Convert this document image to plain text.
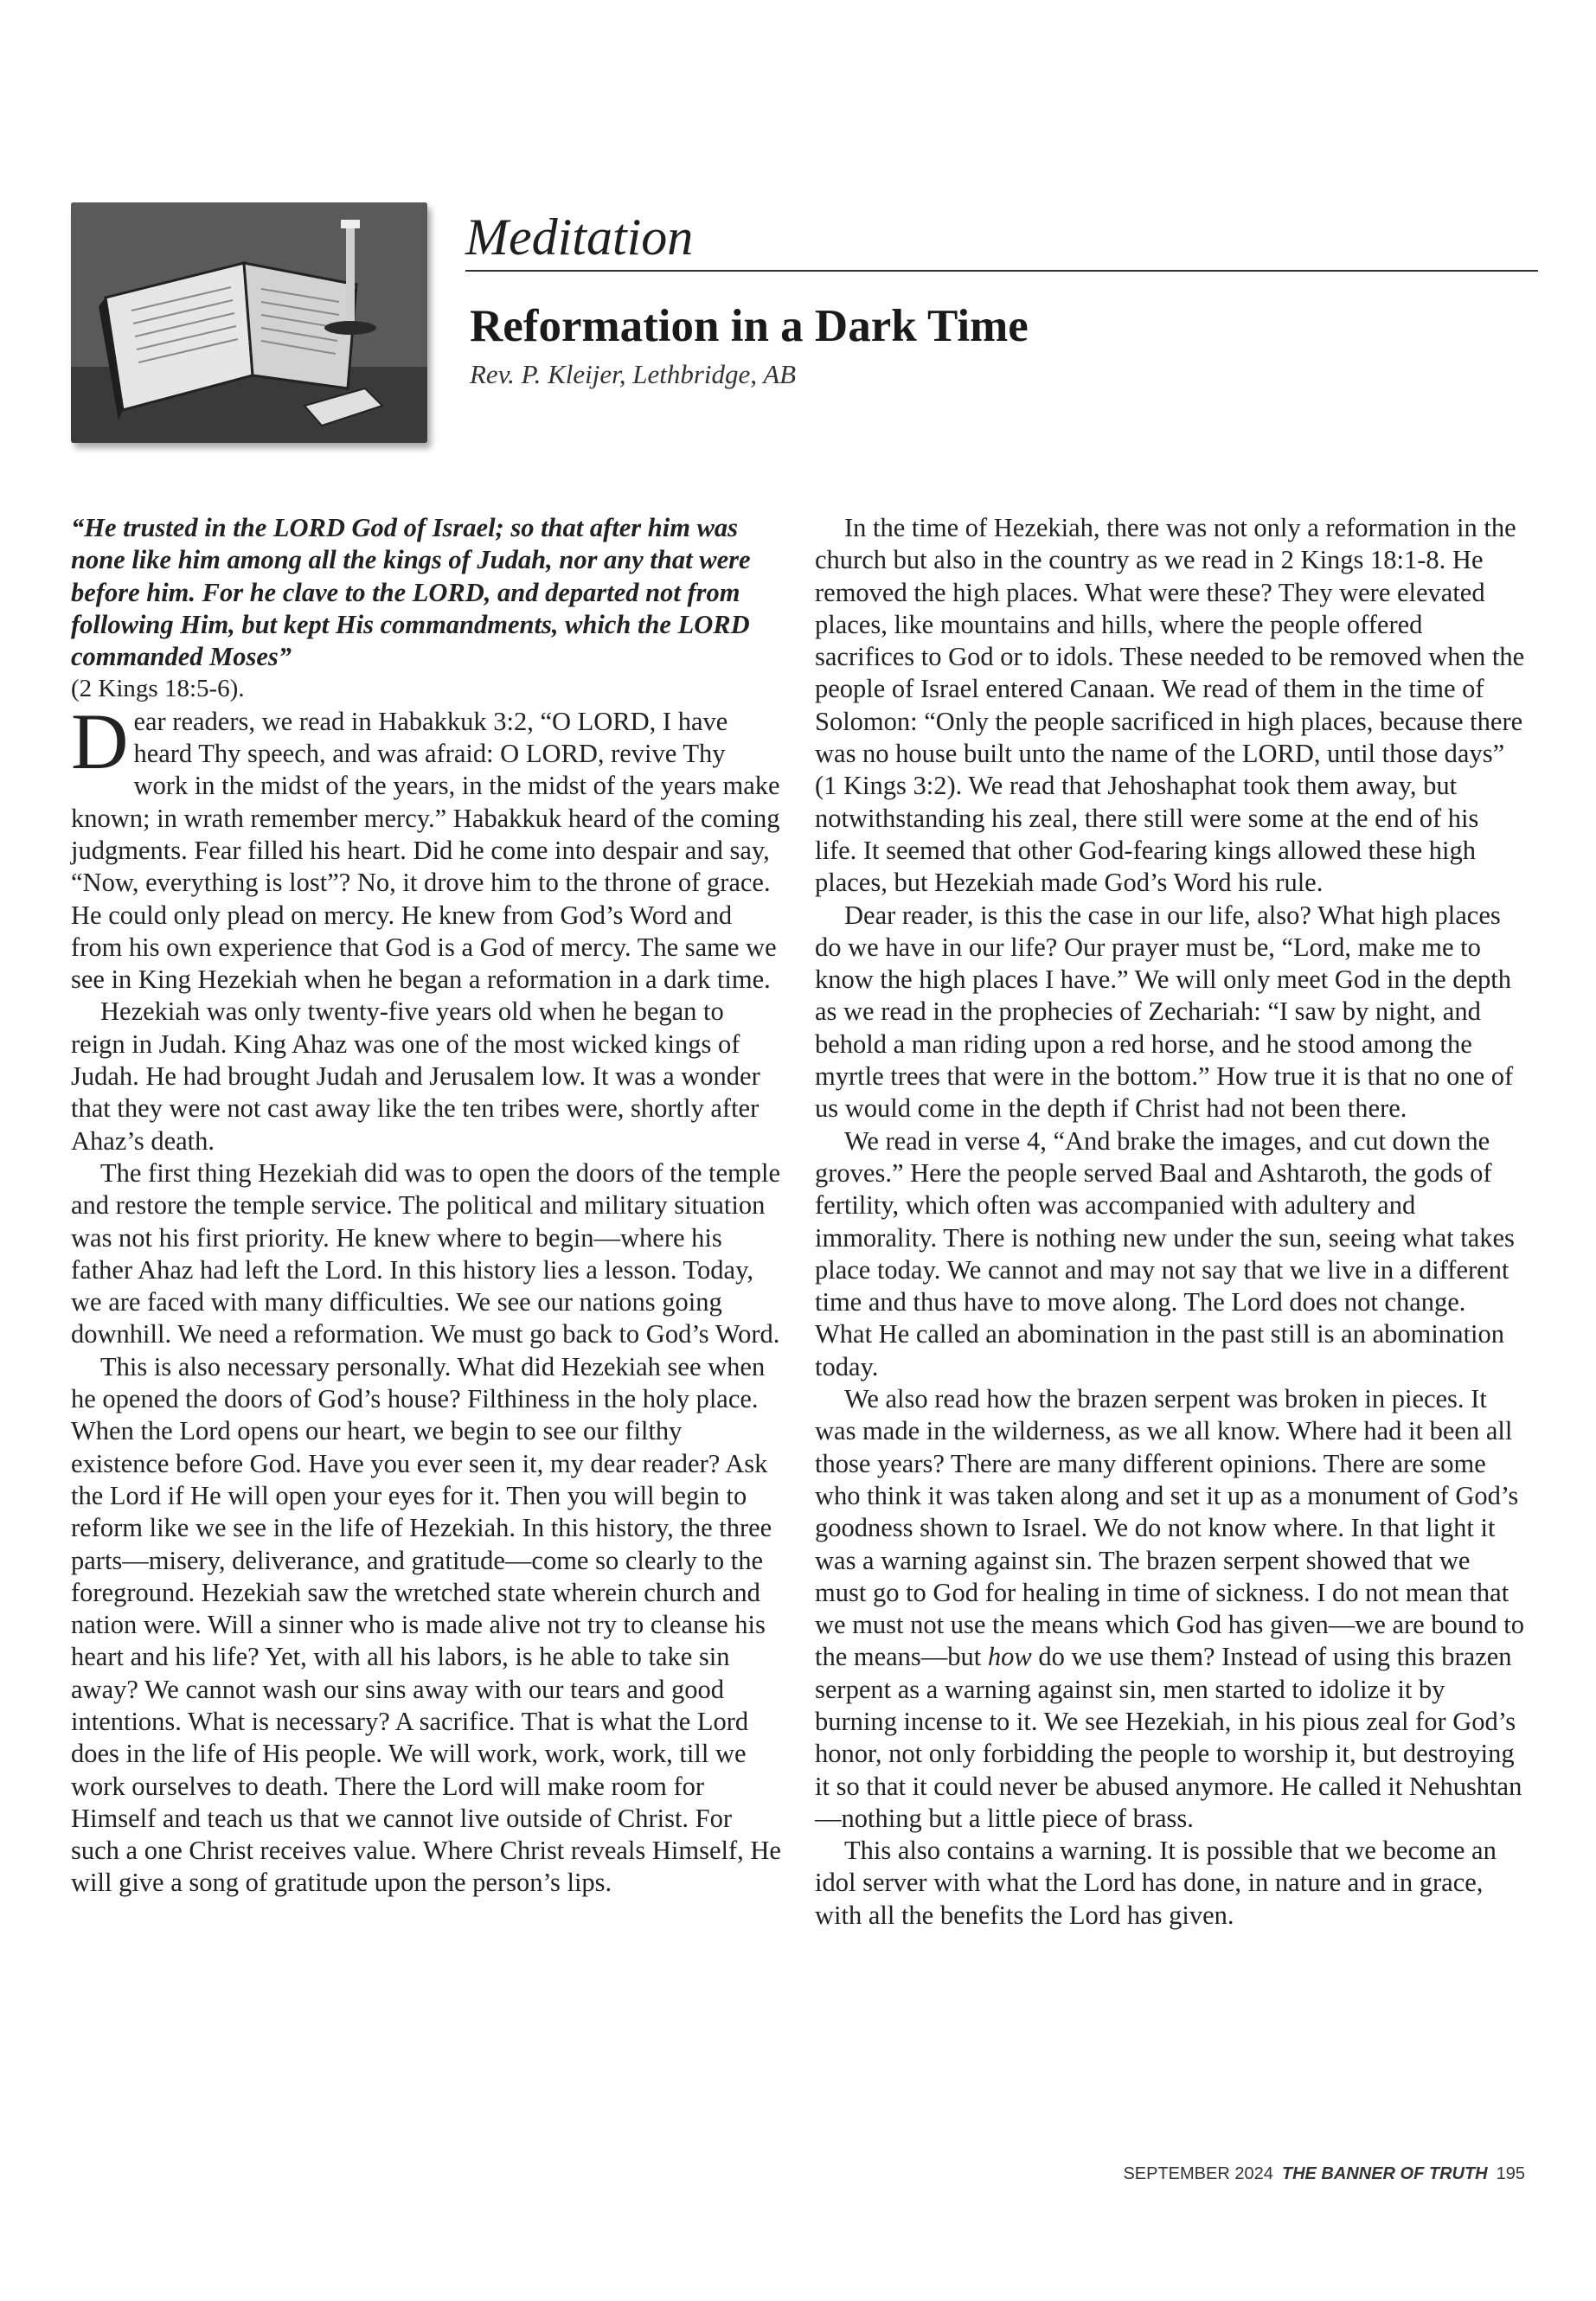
Meditation
Reformation in a Dark Time
Rev. P. Kleijer, Lethbridge, AB

“He trusted in the LORD God of Israel; so that after him was none like him among all the kings of Judah, nor any that were before him. For he clave to the LORD, and departed not from following Him, but kept His commandments, which the LORD commanded Moses”

(2 Kings 18:5-6).

Dear readers, we read in Habakkuk 3:2, “O LORD, I have heard Thy speech, and was afraid: O LORD, revive Thy work in the midst of the years, in the midst of the years make known; in wrath remember mercy.” Habakkuk heard of the coming judgments. Fear filled his heart. Did he come into despair and say, “Now, everything is lost”? No, it drove him to the throne of grace. He could only plead on mercy. He knew from God’s Word and from his own experience that God is a God of mercy. The same we see in King Hezekiah when he began a reformation in a dark time.

Hezekiah was only twenty-five years old when he began to reign in Judah. King Ahaz was one of the most wicked kings of Judah. He had brought Judah and Jerusalem low. It was a wonder that they were not cast away like the ten tribes were, shortly after Ahaz’s death.

The first thing Hezekiah did was to open the doors of the temple and restore the temple service. The political and military situation was not his first priority. He knew where to begin—where his father Ahaz had left the Lord. In this history lies a lesson. Today, we are faced with many difficulties. We see our nations going downhill. We need a reformation. We must go back to God’s Word.

This is also necessary personally. What did Hezekiah see when he opened the doors of God’s house? Filthiness in the holy place. When the Lord opens our heart, we begin to see our filthy existence before God. Have you ever seen it, my dear reader? Ask the Lord if He will open your eyes for it. Then you will begin to reform like we see in the life of Hezekiah. In this history, the three parts—misery, deliverance, and gratitude—come so clearly to the foreground. Hezekiah saw the wretched state wherein church and nation were. Will a sinner who is made alive not try to cleanse his heart and his life? Yet, with all his labors, is he able to take sin away? We cannot wash our sins away with our tears and good intentions. What is necessary? A sacrifice. That is what the Lord does in the life of His people. We will work, work, work, till we work ourselves to death. There the Lord will make room for Himself and teach us that we cannot live outside of Christ. For such a one Christ receives value. Where Christ reveals Himself, He will give a song of gratitude upon the person’s lips.

In the time of Hezekiah, there was not only a reformation in the church but also in the country as we read in 2 Kings 18:1-8. He removed the high places. What were these? They were elevated places, like mountains and hills, where the people offered sacrifices to God or to idols. These needed to be removed when the people of Israel entered Canaan. We read of them in the time of Solomon: “Only the people sacrificed in high places, because there was no house built unto the name of the LORD, until those days” (1 Kings 3:2). We read that Jehoshaphat took them away, but notwithstanding his zeal, there still were some at the end of his life. It seemed that other God-fearing kings allowed these high places, but Hezekiah made God’s Word his rule.

Dear reader, is this the case in our life, also? What high places do we have in our life? Our prayer must be, “Lord, make me to know the high places I have.” We will only meet God in the depth as we read in the prophecies of Zechariah: “I saw by night, and behold a man riding upon a red horse, and he stood among the myrtle trees that were in the bottom.” How true it is that no one of us would come in the depth if Christ had not been there.

We read in verse 4, “And brake the images, and cut down the groves.” Here the people served Baal and Ashtaroth, the gods of fertility, which often was accompanied with adultery and immorality. There is nothing new under the sun, seeing what takes place today. We cannot and may not say that we live in a different time and thus have to move along. The Lord does not change. What He called an abomination in the past still is an abomination today.

We also read how the brazen serpent was broken in pieces. It was made in the wilderness, as we all know. Where had it been all those years? There are many different opinions. There are some who think it was taken along and set it up as a monument of God’s goodness shown to Israel. We do not know where. In that light it was a warning against sin. The brazen serpent showed that we must go to God for healing in time of sickness. I do not mean that we must not use the means which God has given—we are bound to the means—but how do we use them? Instead of using this brazen serpent as a warning against sin, men started to idolize it by burning incense to it. We see Hezekiah, in his pious zeal for God’s honor, not only forbidding the people to worship it, but destroying it so that it could never be abused anymore. He called it Nehushtan—nothing but a little piece of brass.

This also contains a warning. It is possible that we become an idol server with what the Lord has done, in nature and in grace, with all the benefits the Lord has given.

SEPTEMBER 2024 THE BANNER OF TRUTH 195
